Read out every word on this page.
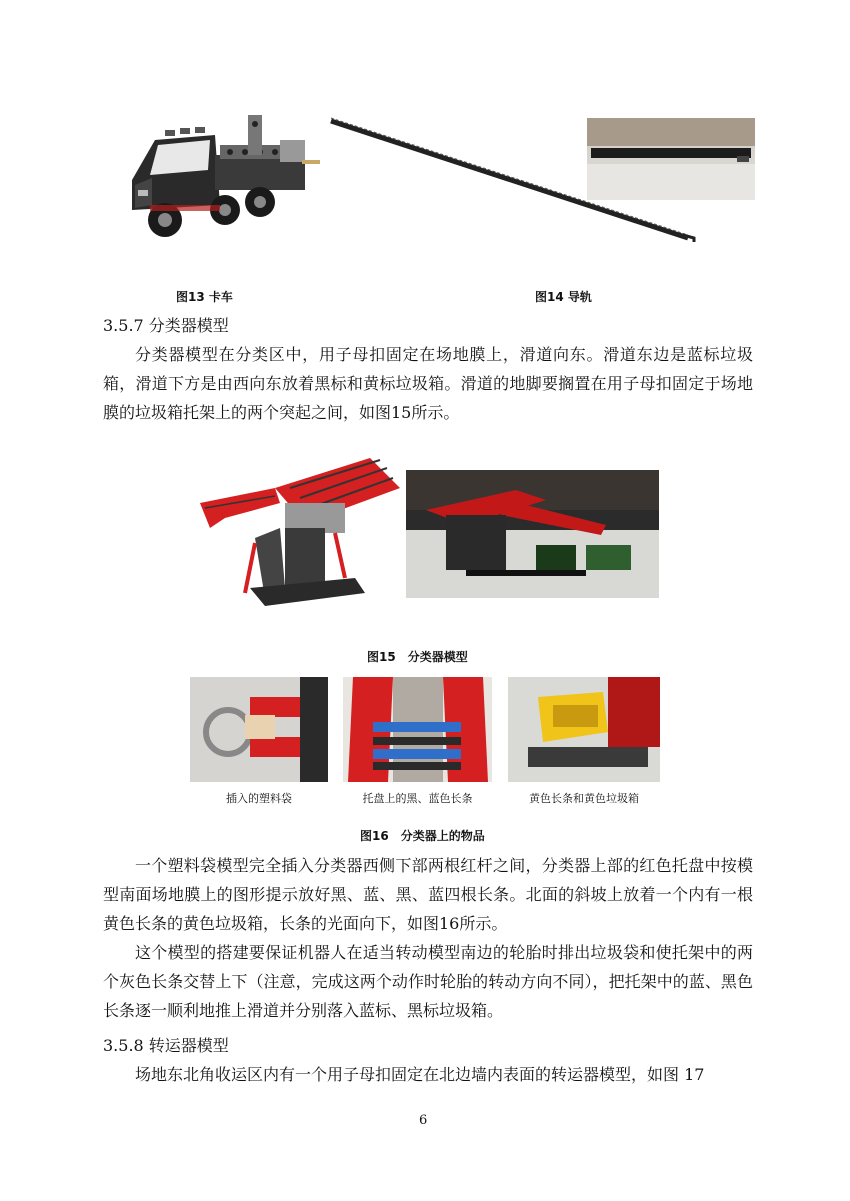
图13 卡车	图14 导轨
3.5.7 分类器模型
分类器模型在分类区中，用子母扣固定在场地膜上，滑道向东。滑道东边是蓝标垃圾箱，滑道下方是由西向东放着黑标和黄标垃圾箱。滑道的地脚要搁置在用子母扣固定于场地膜的垃圾箱托架上的两个突起之间，如图15所示。
图15　分类器模型
插入的塑料袋	托盘上的黑、蓝色长条	黄色长条和黄色垃圾箱
图16　分类器上的物品
一个塑料袋模型完全插入分类器西侧下部两根红杆之间，分类器上部的红色托盘中按模型南面场地膜上的图形提示放好黑、蓝、黑、蓝四根长条。北面的斜坡上放着一个内有一根黄色长条的黄色垃圾箱，长条的光面向下，如图16所示。
这个模型的搭建要保证机器人在适当转动模型南边的轮胎时排出垃圾袋和使托架中的两个灰色长条交替上下（注意，完成这两个动作时轮胎的转动方向不同），把托架中的蓝、黑色长条逐一顺利地推上滑道并分别落入蓝标、黑标垃圾箱。
3.5.8 转运器模型
场地东北角收运区内有一个用子母扣固定在北边墙内表面的转运器模型，如图 17
6
